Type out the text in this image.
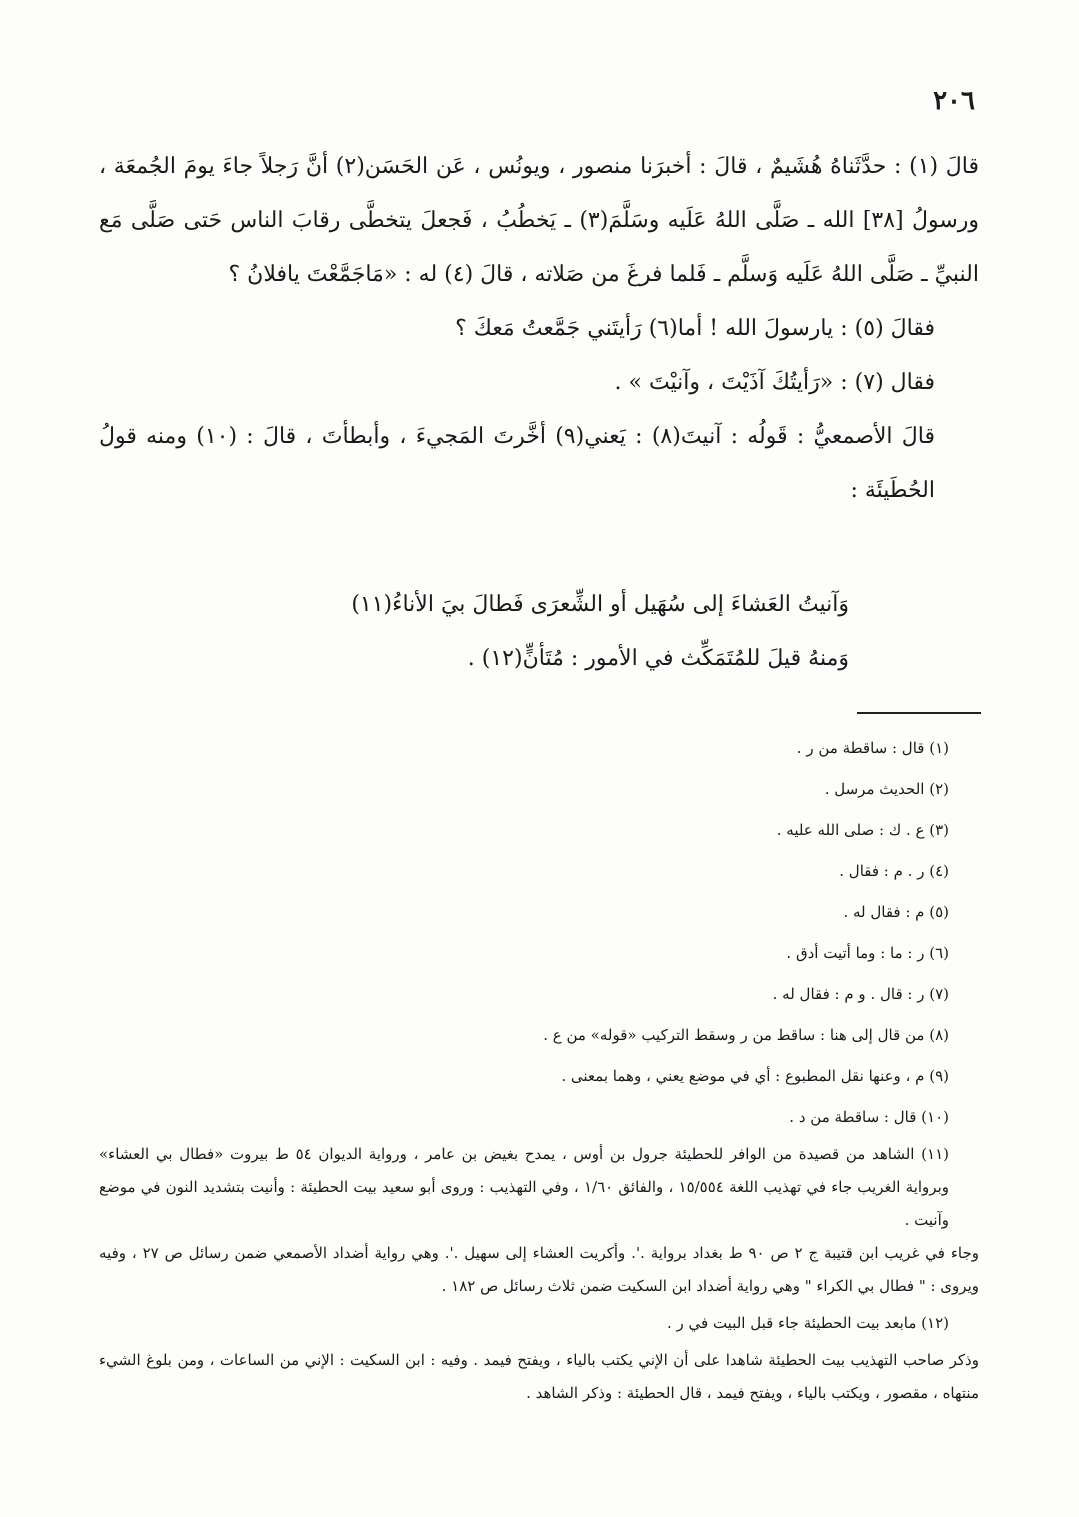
٢٠٦

قالَ (١) : حدَّثَناهُ هُشَيمٌ ، قالَ : أخبرَنا منصور ، ويونُس ، عَن الحَسَن(٢) أنَّ رَجلاً جاءَ يومَ الجُمعَة ، ورسولُ [٣٨] الله ـ صَلَّى اللهُ عَلَيه وسَلَّمَ(٣) ـ يَخطُبُ ، فَجعلَ يتخطَّى رقابَ الناس حَتى صَلَّى مَع النبيِّ ـ صَلَّى اللهُ عَلَيه وَسلَّم ـ فَلما فرغَ من صَلاته ، قالَ (٤) له : «مَاجَمَّعْتَ يافلانُ ؟

فقالَ (٥) : يارسولَ الله ! أما(٦) رَأيتَني جَمَّعتُ مَعكَ ؟

فقال (٧) : «رَأيتُكَ آذَيْتَ ، وآنيْتَ » .

قالَ الأصمعيُّ : قَولُه : آنيتَ(٨) : يَعني(٩) أخَّرتَ المَجيءَ ، وأبطأتَ ، قالَ : (١٠) ومنه قولُ الحُطَيئَة :

وَآنيتُ العَشاءَ إلى سُهَيل أو الشِّعرَى فَطالَ بيَ الأناءُ(١١)
وَمنهُ قيلَ للمُتَمَكِّث في الأمور : مُتَأنٍّ(١٢) .
(١) قال : ساقطة من ر .
(٢) الحديث مرسل .
(٣) ع . ك : صلى الله عليه .
(٤) ر . م : فقال .
(٥) م : فقال له .
(٦) ر : ما : وما أتيت أدق .
(٧) ر : قال . و م : فقال له .
(٨) من قال إلى هنا : ساقط من ر وسقط التركيب «قوله» من ع .
(٩) م ، وعنها نقل المطبوع : أي في موضع يعني ، وهما بمعنى .
(١٠) قال : ساقطة من د .
(١١) الشاهد من قصيدة من الوافر للحطيئة جرول بن أوس ، يمدح بغيض بن عامر ، ورواية الديوان ٥٤ ط بيروت «فطال بي العشاء» وبرواية الغريب جاء في تهذيب اللغة ١٥/٥٥٤ ، والفائق ١/٦٠ ، وفي التهذيب : وروى أبو سعيد بيت الحطيئة : وأنيت بتشديد النون في موضع وآنيت .
وجاء في غريب ابن قتيبة ج ٢ ص ٩٠ ط بغداد برواية .'. وأكريت العشاء إلى سهيل .'. وهي رواية أضداد الأصمعي ضمن رسائل ص ٢٧ ، وفيه ويروى : " فطال بي الكراء " وهي رواية أضداد ابن السكيت ضمن ثلاث رسائل ص ١٨٢ .
(١٢) مابعد بيت الحطيئة جاء قبل البيت في ر .
وذكر صاحب التهذيب بيت الحطيئة شاهدا على أن الإني يكتب بالياء ، ويفتح فيمد . وفيه : ابن السكيت : الإني من الساعات ، ومن بلوغ الشيء منتهاه ، مقصور ، ويكتب بالياء ، ويفتح فيمد ، قال الحطيئة : وذكر الشاهد .
